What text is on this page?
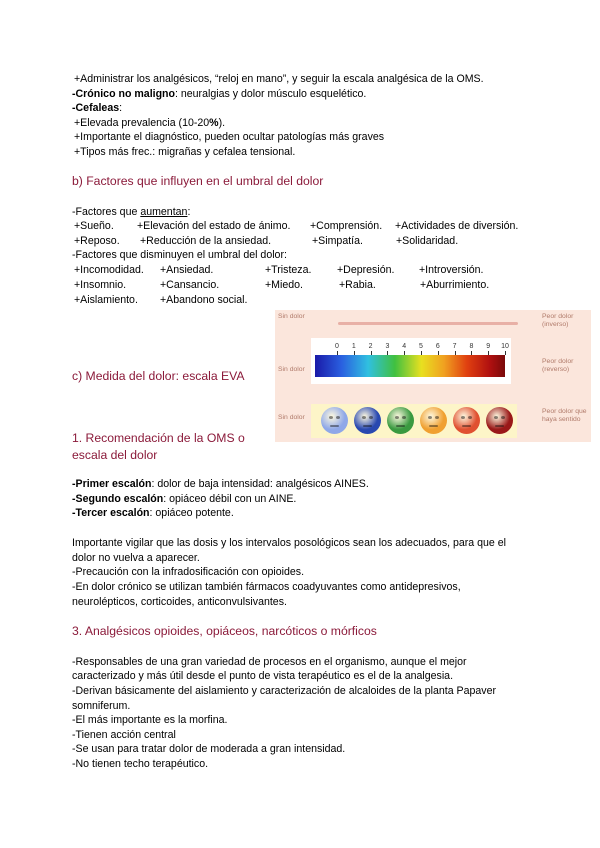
+Administrar los analgésicos, “reloj en mano”, y seguir la escala analgésica de la OMS.
-Crónico no maligno: neuralgias y dolor músculo esquelético.
-Cefaleas:
+Elevada prevalencia (10-20%).
+Importante el diagnóstico, pueden ocultar patologías más graves
+Tipos más frec.: migrañas y cefalea tensional.
b) Factores que influyen en el umbral del dolor
-Factores que aumentan:
+Sueño. +Elevación del estado de ánimo. +Comprensión. +Actividades de diversión.
+Reposo. +Reducción de la ansiedad.	+Simpatía.	+Solidaridad.
-Factores que disminuyen el umbral del dolor:
+Incomodidad. +Ansiedad.	+Tristeza. +Depresión. +Introversión.
+Insomnio.	+Cansancio.	+Miedo.	+Rabia.	+Aburrimiento.
+Aislamiento. +Abandono social.
c) Medida del dolor: escala EVA
Sin dolor	Peor dolor (inverso)
Sin dolor
0	1	2	3	4	5	6	7	8	9	10
Peor dolor (reverso)
Sin dolor
Peor dolor que haya sentido
1. Recomendación de la OMS o
escala del dolor
-Primer escalón: dolor de baja intensidad: analgésicos AINES.
-Segundo escalón: opiáceo débil con un AINE.
-Tercer escalón: opiáceo potente.
Importante vigilar que las dosis y los intervalos posológicos sean los adecuados, para que el
dolor no vuelva a aparecer.
-Precaución con la infradosificación con opioides.
-En dolor crónico se utilizan también fármacos coadyuvantes como antidepresivos,
neurolépticos, corticoides, anticonvulsivantes.
3. Analgésicos opioides, opiáceos, narcóticos o mórficos
-Responsables de una gran variedad de procesos en el organismo, aunque el mejor
caracterizado y más útil desde el punto de vista terapéutico es el de la analgesia.
-Derivan básicamente del aislamiento y caracterización de alcaloides de la planta Papaver
somniferum.
-El más importante es la morfina.
-Tienen acción central
-Se usan para tratar dolor de moderada a gran intensidad.
-No tienen techo terapéutico.
